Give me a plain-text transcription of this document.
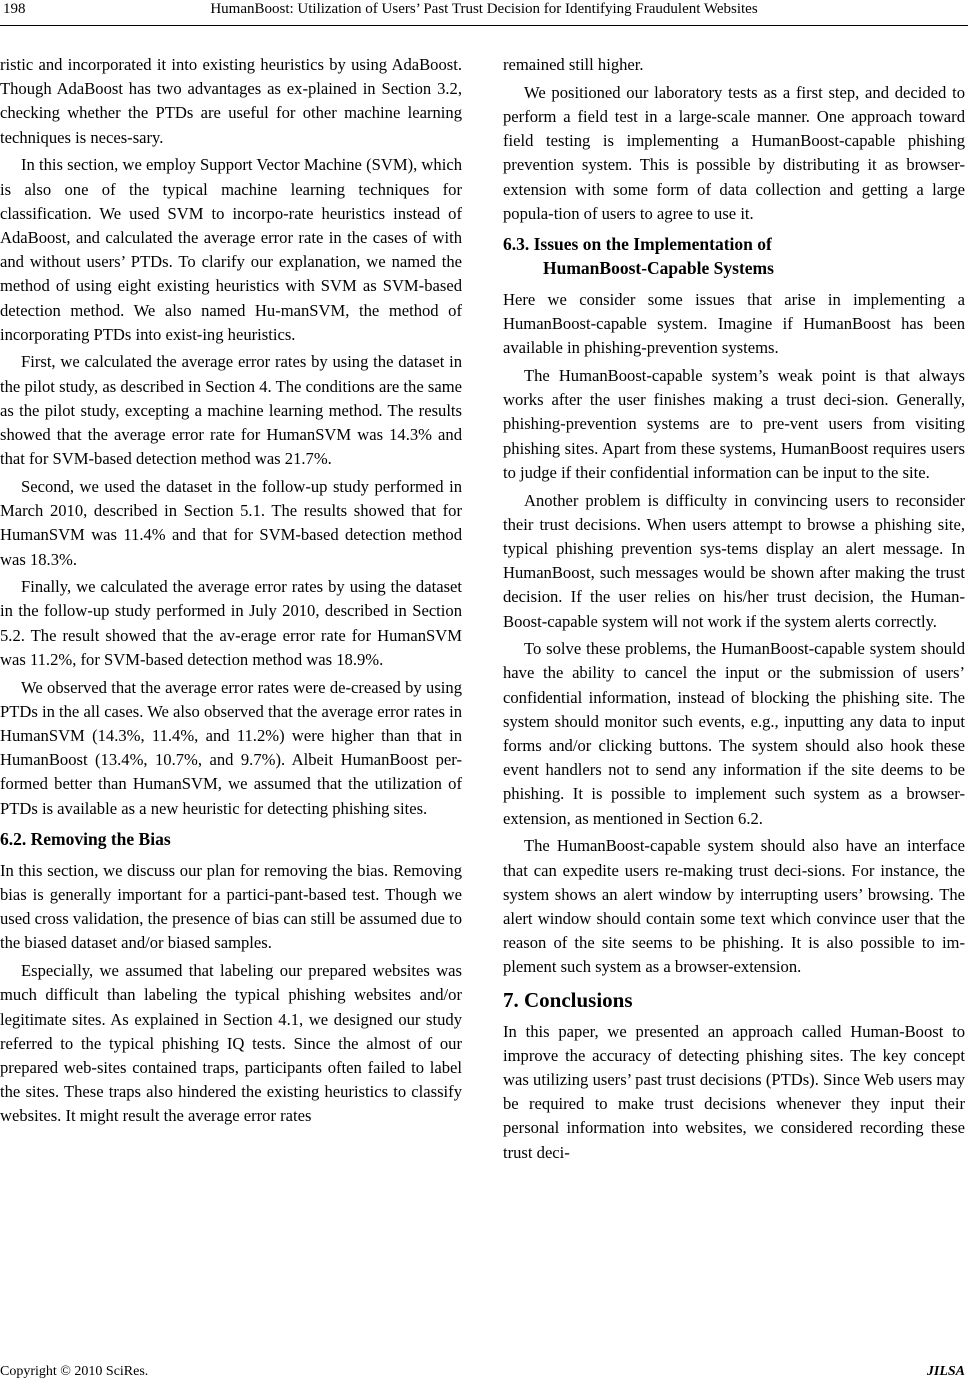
198	HumanBoost: Utilization of Users’ Past Trust Decision for Identifying Fraudulent Websites

ristic and incorporated it into existing heuristics by using AdaBoost. Though AdaBoost has two advantages as ex-plained in Section 3.2, checking whether the PTDs are useful for other machine learning techniques is neces-sary.

In this section, we employ Support Vector Machine (SVM), which is also one of the typical machine learning techniques for classification. We used SVM to incorpo-rate heuristics instead of AdaBoost, and calculated the average error rate in the cases of with and without users’ PTDs. To clarify our explanation, we named the method of using eight existing heuristics with SVM as SVM-based detection method. We also named Hu-manSVM, the method of incorporating PTDs into exist-ing heuristics.

First, we calculated the average error rates by using the dataset in the pilot study, as described in Section 4. The conditions are the same as the pilot study, excepting a machine learning method. The results showed that the average error rate for HumanSVM was 14.3% and that for SVM-based detection method was 21.7%.

Second, we used the dataset in the follow-up study performed in March 2010, described in Section 5.1. The results showed that for HumanSVM was 11.4% and that for SVM-based detection method was 18.3%.

Finally, we calculated the average error rates by using the dataset in the follow-up study performed in July 2010, described in Section 5.2. The result showed that the av-erage error rate for HumanSVM was 11.2%, for SVM-based detection method was 18.9%.

We observed that the average error rates were de-creased by using PTDs in the all cases. We also observed that the average error rates in HumanSVM (14.3%, 11.4%, and 11.2%) were higher than that in HumanBoost (13.4%, 10.7%, and 9.7%). Albeit HumanBoost per-formed better than HumanSVM, we assumed that the utilization of PTDs is available as a new heuristic for detecting phishing sites.

6.2. Removing the Bias

In this section, we discuss our plan for removing the bias. Removing bias is generally important for a partici-pant-based test. Though we used cross validation, the presence of bias can still be assumed due to the biased dataset and/or biased samples.

Especially, we assumed that labeling our prepared websites was much difficult than labeling the typical phishing websites and/or legitimate sites. As explained in Section 4.1, we designed our study referred to the typical phishing IQ tests. Since the almost of our prepared web-sites contained traps, participants often failed to label the sites. These traps also hindered the existing heuristics to classify websites. It might result the average error rates

remained still higher.

We positioned our laboratory tests as a first step, and decided to perform a field test in a large-scale manner. One approach toward field testing is implementing a HumanBoost-capable phishing prevention system. This is possible by distributing it as browser-extension with some form of data collection and getting a large popula-tion of users to agree to use it.

6.3. Issues on the Implementation of
HumanBoost-Capable Systems

Here we consider some issues that arise in implementing a HumanBoost-capable system. Imagine if HumanBoost has been available in phishing-prevention systems.

The HumanBoost-capable system’s weak point is that always works after the user finishes making a trust deci-sion. Generally, phishing-prevention systems are to pre-vent users from visiting phishing sites. Apart from these systems, HumanBoost requires users to judge if their confidential information can be input to the site.

Another problem is difficulty in convincing users to reconsider their trust decisions. When users attempt to browse a phishing site, typical phishing prevention sys-tems display an alert message. In HumanBoost, such messages would be shown after making the trust decision. If the user relies on his/her trust decision, the Human-Boost-capable system will not work if the system alerts correctly.

To solve these problems, the HumanBoost-capable system should have the ability to cancel the input or the submission of users’ confidential information, instead of blocking the phishing site. The system should monitor such events, e.g., inputting any data to input forms and/or clicking buttons. The system should also hook these event handlers not to send any information if the site deems to be phishing. It is possible to implement such system as a browser-extension, as mentioned in Section 6.2.

The HumanBoost-capable system should also have an interface that can expedite users re-making trust deci-sions. For instance, the system shows an alert window by interrupting users’ browsing. The alert window should contain some text which convince user that the reason of the site seems to be phishing. It is also possible to im-plement such system as a browser-extension.

7. Conclusions

In this paper, we presented an approach called Human-Boost to improve the accuracy of detecting phishing sites. The key concept was utilizing users’ past trust decisions (PTDs). Since Web users may be required to make trust decisions whenever they input their personal information into websites, we considered recording these trust deci-

Copyright © 2010 SciRes.	JILSA
